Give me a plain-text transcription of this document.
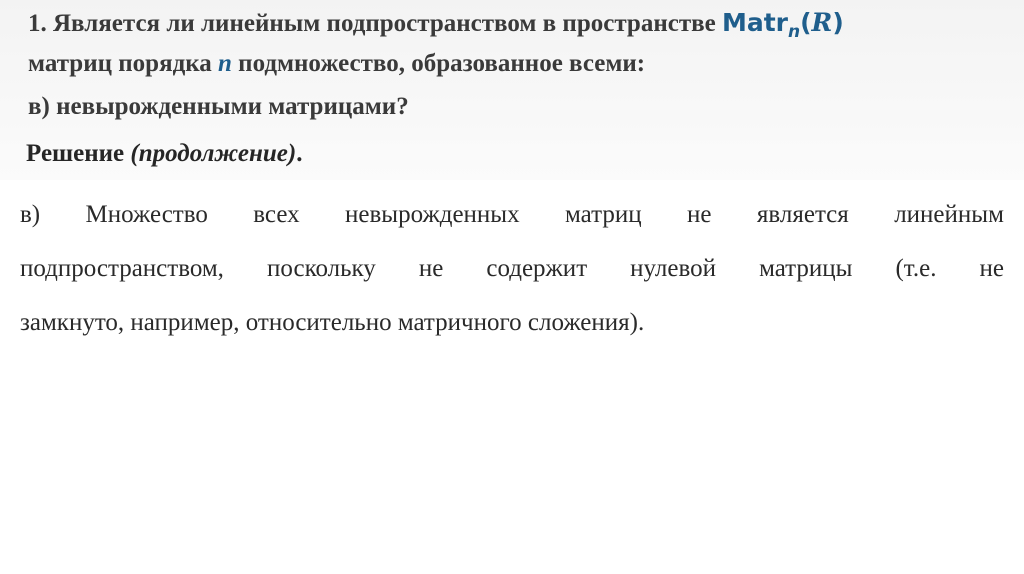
1. Является ли линейным подпространством в пространстве Matr$_n$(R)
матриц порядка n подмножество, образованное всеми:
в) невырожденными матрицами?
Решение (продолжение).
в) Множество всех невырожденных матриц не является линейным
подпространством, поскольку не содержит нулевой матрицы (т.е. не
замкнуто, например, относительно матричного сложения).
